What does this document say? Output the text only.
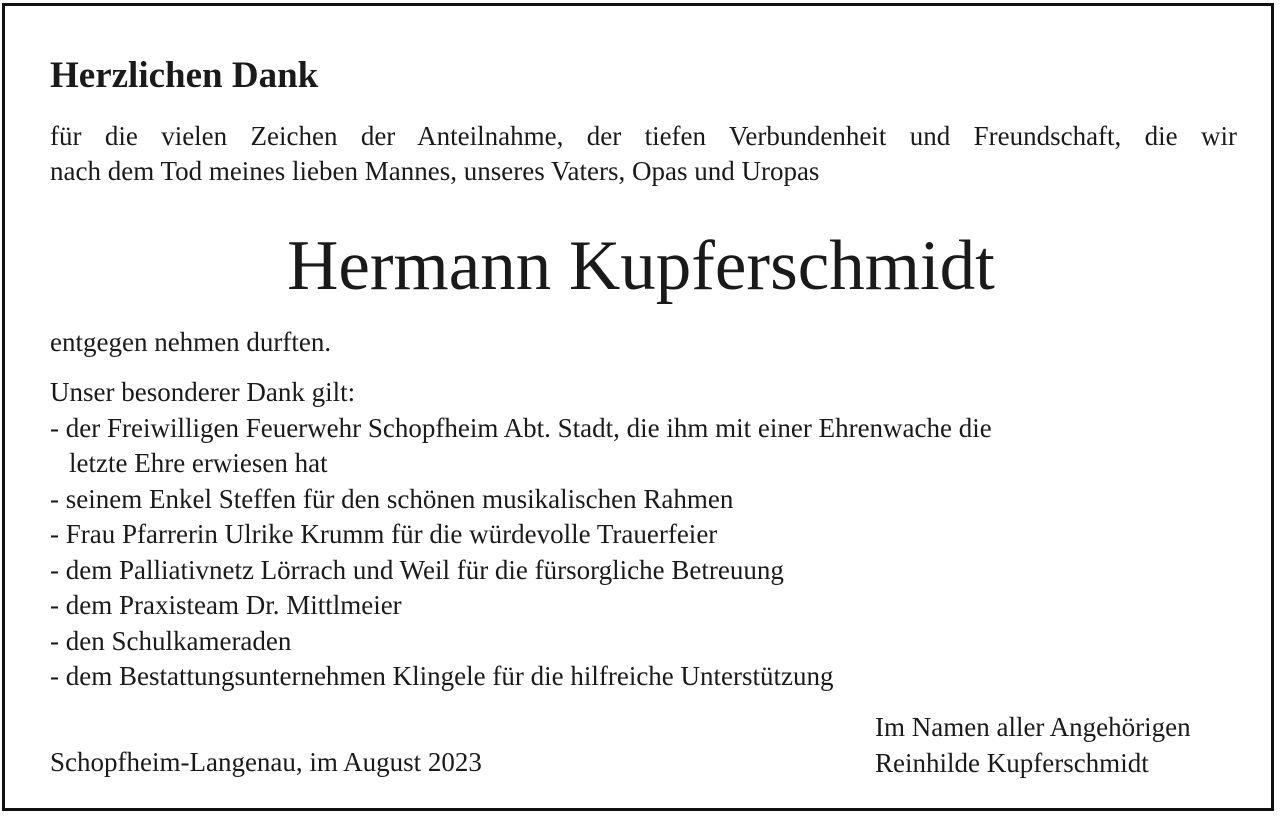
Herzlichen Dank

für die vielen Zeichen der Anteilnahme, der tiefen Verbundenheit und Freundschaft, die wir
nach dem Tod meines lieben Mannes, unseres Vaters, Opas und Uropas

Hermann Kupferschmidt

entgegen nehmen durften.

Unser besonderer Dank gilt:
- der Freiwilligen Feuerwehr Schopfheim Abt. Stadt, die ihm mit einer Ehrenwache die
letzte Ehre erwiesen hat
- seinem Enkel Steffen für den schönen musikalischen Rahmen
- Frau Pfarrerin Ulrike Krumm für die würdevolle Trauerfeier
- dem Palliativnetz Lörrach und Weil für die fürsorgliche Betreuung
- dem Praxisteam Dr. Mittlmeier
- den Schulkameraden
- dem Bestattungsunternehmen Klingele für die hilfreiche Unterstützung
Im Namen aller Angehörigen
Reinhilde Kupferschmidt

Schopfheim-Langenau, im August 2023
